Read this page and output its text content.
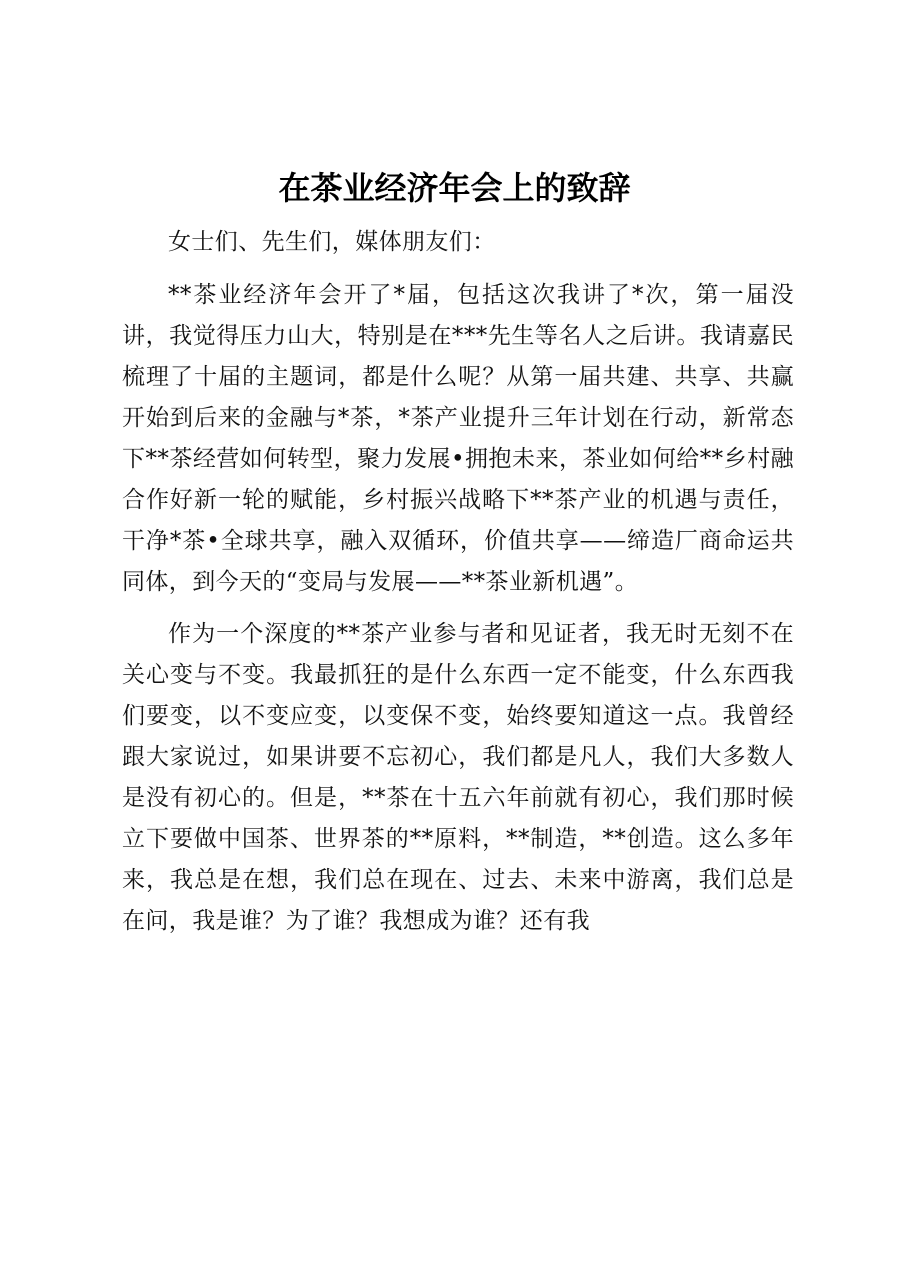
在茶业经济年会上的致辞

女士们、先生们，媒体朋友们：

**茶业经济年会开了*届，包括这次我讲了*次，第一届没讲，我觉得压力山大，特别是在***先生等名人之后讲。我请嘉民梳理了十届的主题词，都是什么呢？从第一届共建、共享、共赢开始到后来的金融与*茶，*茶产业提升三年计划在行动，新常态下**茶经营如何转型，聚力发展•拥抱未来，茶业如何给**乡村融合作好新一轮的赋能，乡村振兴战略下**茶产业的机遇与责任，干净*茶•全球共享，融入双循环，价值共享——缔造厂商命运共同体，到今天的“变局与发展——**茶业新机遇”。

作为一个深度的**茶产业参与者和见证者，我无时无刻不在关心变与不变。我最抓狂的是什么东西一定不能变，什么东西我们要变，以不变应变，以变保不变，始终要知道这一点。我曾经跟大家说过，如果讲要不忘初心，我们都是凡人，我们大多数人是没有初心的。但是，**茶在十五六年前就有初心，我们那时候立下要做中国茶、世界茶的**原料，**制造，**创造。这么多年来，我总是在想，我们总在现在、过去、未来中游离，我们总是在问，我是谁？为了谁？我想成为谁？还有我
